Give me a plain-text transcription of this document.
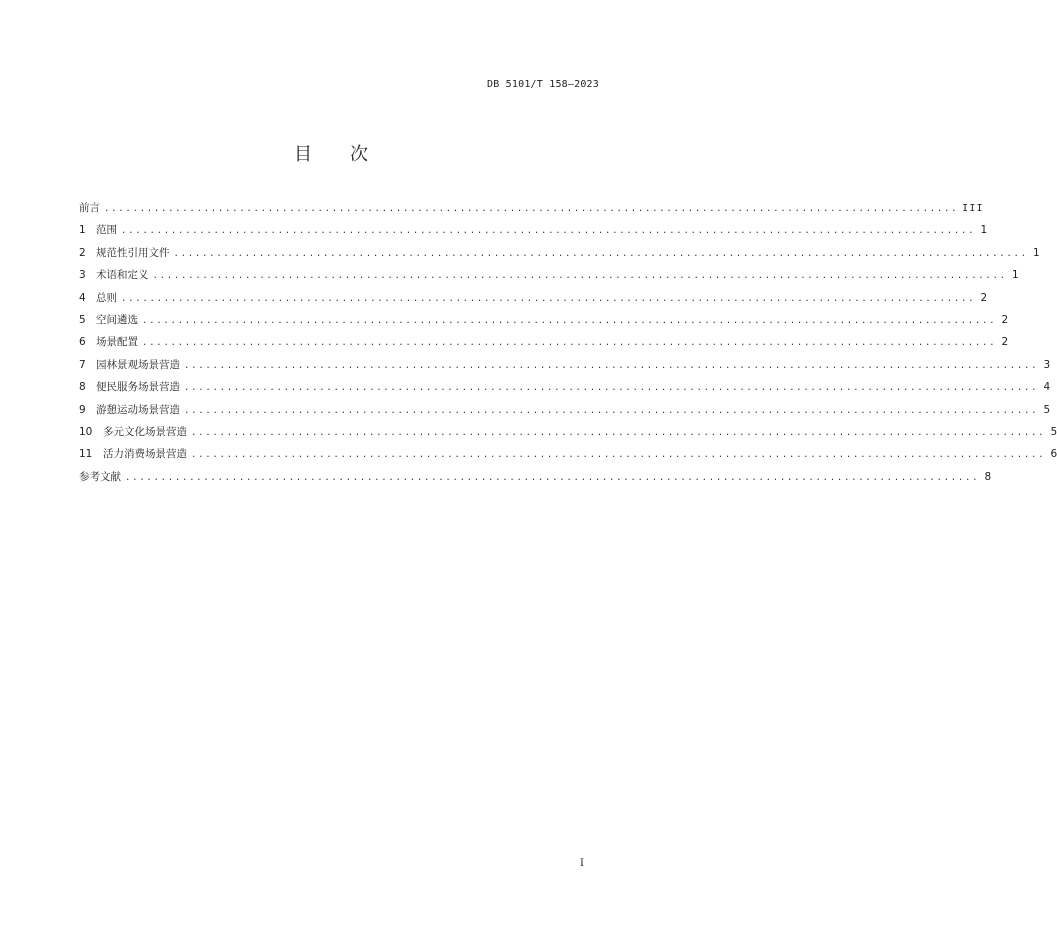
DB 5101/T 158—2023
目 次
前言 ........................................................................................................................ III
1 范围 ........................................................................................................................ 1
2 规范性引用文件 ........................................................................................................................ 1
3 术语和定义 ........................................................................................................................ 1
4 总则 ........................................................................................................................ 2
5 空间遴选 ........................................................................................................................ 2
6 场景配置 ........................................................................................................................ 2
7 园林景观场景营造 ........................................................................................................................ 3
8 便民服务场景营造 ........................................................................................................................ 4
9 游憩运动场景营造 ........................................................................................................................ 5
10	多元文化场景营造 ........................................................................................................................ 5
11	活力消费场景营造 ........................................................................................................................ 6
参考文献 ........................................................................................................................ 8
I
